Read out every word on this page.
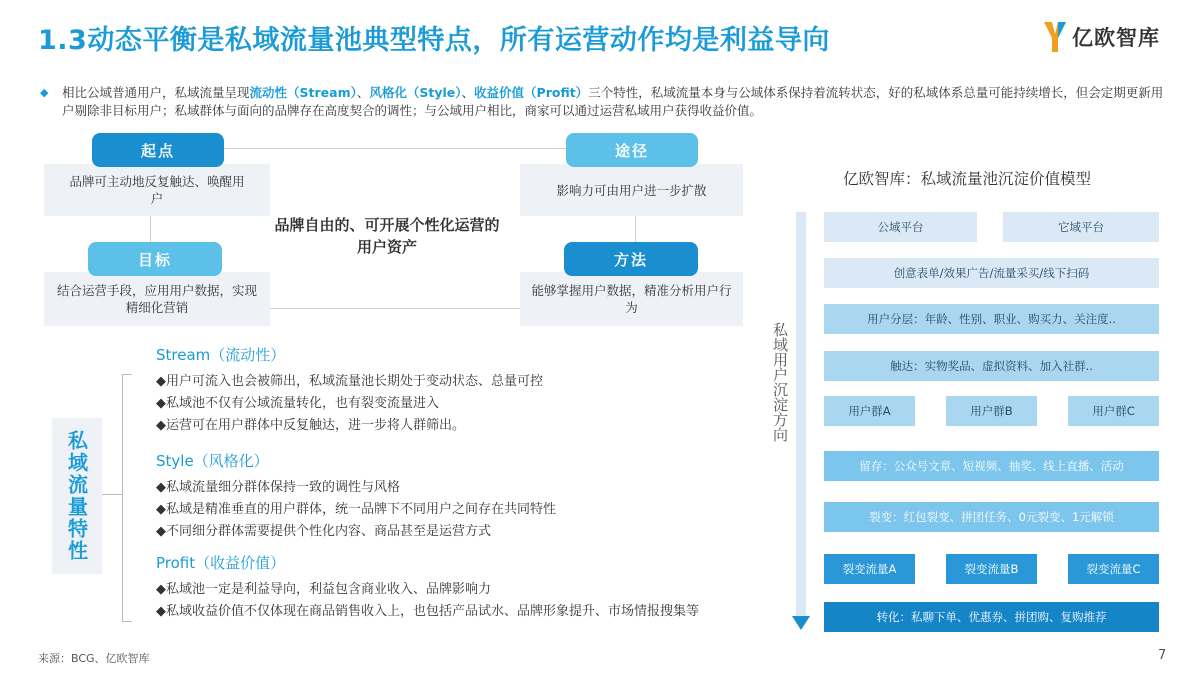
1.3动态平衡是私域流量池典型特点，所有运营动作均是利益导向	亿欧智库
◆	相比公域普通用户，私域流量呈现流动性（Stream）、风格化（Style）、收益价值（Profit）三个特性，私域流量本身与公域体系保持着流转状态，好的私域体系总量可能持续增长，但会定期更新用户剔除非目标用户；私域群体与面向的品牌存在高度契合的调性；与公域用户相比，商家可以通过运营私域用户获得收益价值。
品牌可主动地反复触达、唤醒用户
起点
影响力可由用户进一步扩散
途径
结合运营手段，应用用户数据，实现精细化营销
目标
能够掌握用户数据，精准分析用户行为
方法
品牌自由的、可开展个性化运营的用户资产
私域流量特性
Stream（流动性）
◆用户可流入也会被筛出，私域流量池长期处于变动状态、总量可控
◆私域池不仅有公域流量转化，也有裂变流量进入
◆运营可在用户群体中反复触达，进一步将人群筛出。
Style（风格化）
◆私域流量细分群体保持一致的调性与风格
◆私域是精准垂直的用户群体，统一品牌下不同用户之间存在共同特性
◆不同细分群体需要提供个性化内容、商品甚至是运营方式
Profit（收益价值）
◆私域池一定是利益导向，利益包含商业收入、品牌影响力
◆私域收益价值不仅体现在商品销售收入上，也包括产品试水、品牌形象提升、市场情报搜集等
亿欧智库：私域流量池沉淀价值模型
私域用户沉淀方向
公域平台	它域平台
创意表单/效果广告/流量采买/线下扫码
用户分层：年龄、性别、职业、购买力、关注度..
触达：实物奖品、虚拟资料、加入社群..
用户群A	用户群B	用户群C
留存：公众号文章、短视频、抽奖、线上直播、活动
裂变：红包裂变、拼团任务、0元裂变、1元解锁
裂变流量A	裂变流量B	裂变流量C
转化：私聊下单、优惠券、拼团购、复购推荐
来源：BCG、亿欧智库	7
